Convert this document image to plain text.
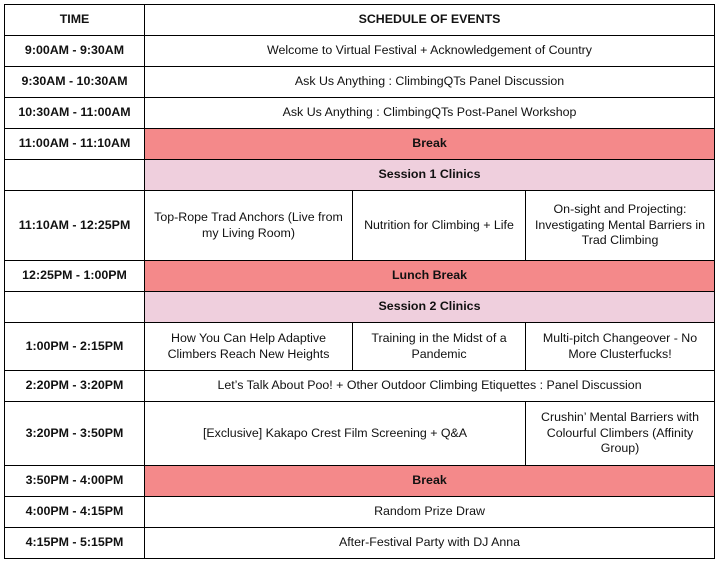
TIME	SCHEDULE OF EVENTS		
9:00AM - 9:30AM	Welcome to Virtual Festival + Acknowledgement of Country		
9:30AM - 10:30AM	Ask Us Anything : ClimbingQTs Panel Discussion		
10:30AM - 11:00AM	Ask Us Anything : ClimbingQTs Post-Panel Workshop		
11:00AM - 11:10AM	Break		
	Session 1 Clinics		
11:10AM - 12:25PM	Top-Rope Trad Anchors (Live from my Living Room)	Nutrition for Climbing + Life	On-sight and Projecting: Investigating Mental Barriers in Trad Climbing
12:25PM - 1:00PM	Lunch Break		
	Session 2 Clinics		
1:00PM - 2:15PM	How You Can Help Adaptive Climbers Reach New Heights	Training in the Midst of a Pandemic	Multi-pitch Changeover - No More Clusterfucks!
2:20PM - 3:20PM	Let’s Talk About Poo! + Other Outdoor Climbing Etiquettes : Panel Discussion		
3:20PM - 3:50PM	[Exclusive] Kakapo Crest Film Screening + Q&A		Crushin’ Mental Barriers with Colourful Climbers (Affinity Group)
3:50PM - 4:00PM	Break		
4:00PM - 4:15PM	Random Prize Draw		
4:15PM - 5:15PM	After-Festival Party with DJ Anna		
